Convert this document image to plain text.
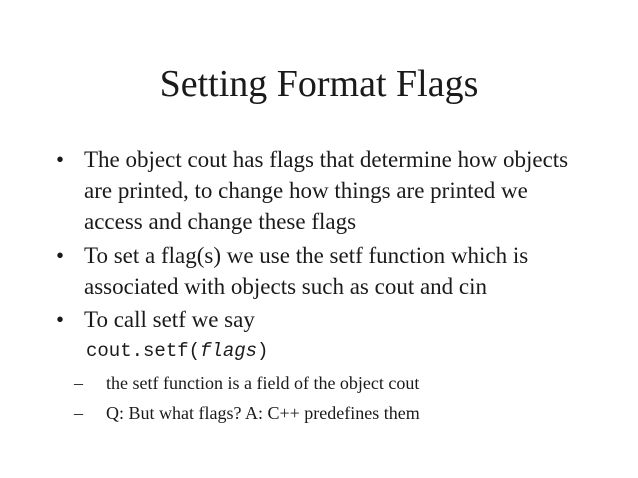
Setting Format Flags
• The object cout has flags that determine how objects are printed, to change how things are printed we access and change these flags
• To set a flag(s) we use the setf function which is associated with objects such as cout and cin
• To call setf we say
cout.setf(flags)
– the setf function is a field of the object cout
– Q: But what flags? A: C++ predefines them
